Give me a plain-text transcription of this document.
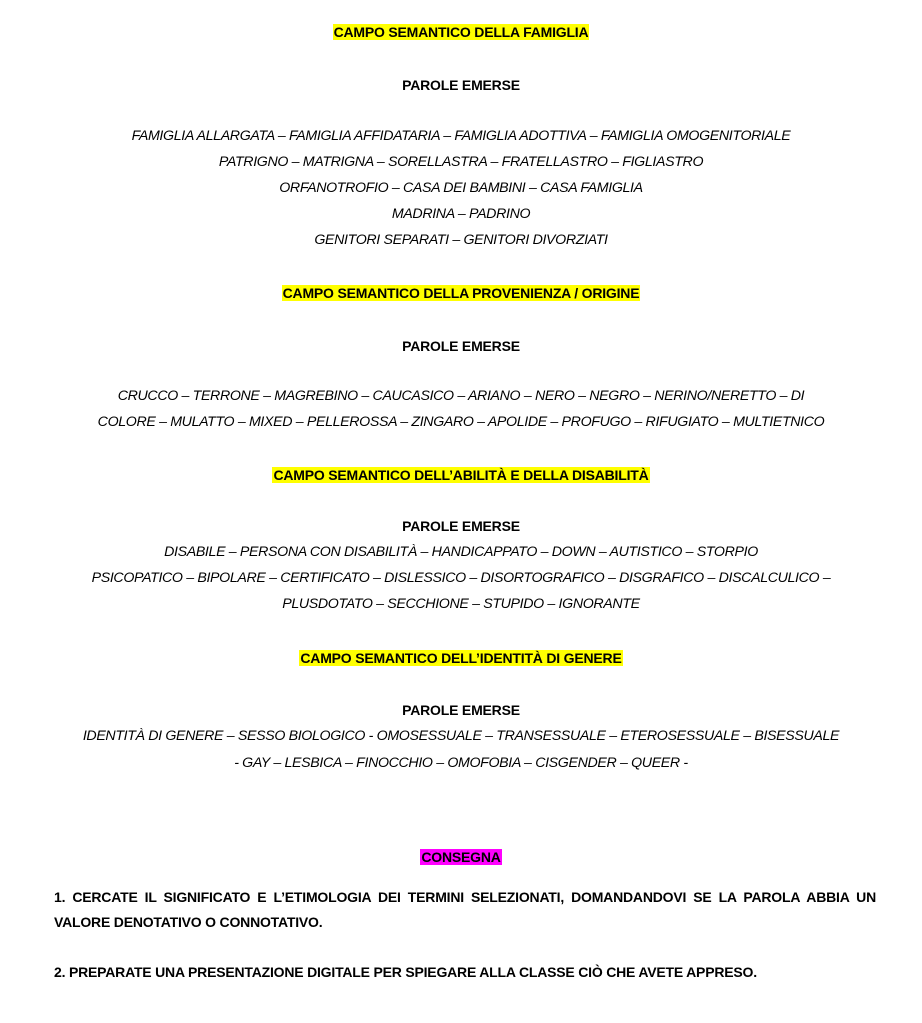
CAMPO SEMANTICO DELLA FAMIGLIA
PAROLE EMERSE
FAMIGLIA ALLARGATA – FAMIGLIA AFFIDATARIA – FAMIGLIA ADOTTIVA – FAMIGLIA OMOGENITORIALE
PATRIGNO – MATRIGNA – SORELLASTRA – FRATELLASTRO – FIGLIASTRO
ORFANOTROFIO – CASA DEI BAMBINI – CASA FAMIGLIA
MADRINA – PADRINO
GENITORI SEPARATI – GENITORI DIVORZIATI
CAMPO SEMANTICO DELLA PROVENIENZA / ORIGINE
PAROLE EMERSE
CRUCCO – TERRONE – MAGREBINO – CAUCASICO – ARIANO – NERO – NEGRO – NERINO/NERETTO – DI
COLORE – MULATTO – MIXED – PELLEROSSA – ZINGARO – APOLIDE – PROFUGO – RIFUGIATO – MULTIETNICO
CAMPO SEMANTICO DELL’ABILITÀ E DELLA DISABILITÀ
PAROLE EMERSE
DISABILE – PERSONA CON DISABILITÀ – HANDICAPPATO – DOWN – AUTISTICO – STORPIO
PSICOPATICO – BIPOLARE – CERTIFICATO – DISLESSICO – DISORTOGRAFICO – DISGRAFICO – DISCALCULICO –
PLUSDOTATO – SECCHIONE – STUPIDO – IGNORANTE
CAMPO SEMANTICO DELL’IDENTITÀ DI GENERE
PAROLE EMERSE
IDENTITÀ DI GENERE – SESSO BIOLOGICO - OMOSESSUALE – TRANSESSUALE – ETEROSESSUALE – BISESSUALE
- GAY – LESBICA – FINOCCHIO – OMOFOBIA – CISGENDER – QUEER -
CONSEGNA
1. CERCATE IL SIGNIFICATO E L’ETIMOLOGIA DEI TERMINI SELEZIONATI, DOMANDANDOVI SE LA PAROLA ABBIA UN VALORE DENOTATIVO O CONNOTATIVO.
2. PREPARATE UNA PRESENTAZIONE DIGITALE PER SPIEGARE ALLA CLASSE CIÒ CHE AVETE APPRESO.
